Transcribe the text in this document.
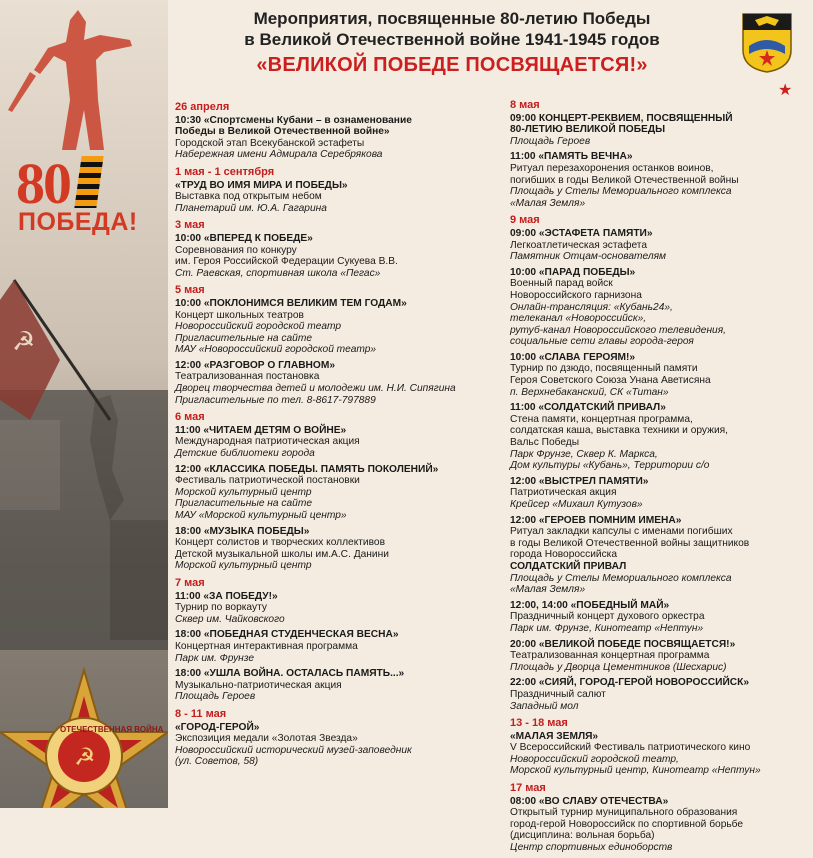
☭
80
ПОБЕДА!
☭
ОТЕЧЕСТВЕННАЯ ВОЙНА
Мероприятия, посвященные 80-летию Победы
в Великой Отечественной войне 1941-1945 годов
«ВЕЛИКОЙ ПОБЕДЕ ПОСВЯЩАЕТСЯ!»
★
26 апреля
10:30 «Спортсмены Кубани – в ознаменование
Победы в Великой Отечественной войне»
Городской этап Всекубанской эстафеты
Набережная имени Адмирала Серебрякова
1 мая - 1 сентября
«ТРУД ВО ИМЯ МИРА И ПОБЕДЫ»
Выставка под открытым небом
Планетарий им. Ю.А. Гагарина
3 мая
10:00 «ВПЕРЕД К ПОБЕДЕ»
Соревнования по конкуру
им. Героя Российской Федерации Сукуева В.В.
Ст. Раевская, спортивная школа «Пегас»
5 мая
10:00 «ПОКЛОНИМСЯ ВЕЛИКИМ ТЕМ ГОДАМ»
Концерт школьных театров
Новороссийский городской театр
Пригласительные на сайте
МАУ «Новороссийский городской театр»
12:00 «РАЗГОВОР О ГЛАВНОМ»
Театрализованная постановка
Дворец творчества детей и молодежи им. Н.И. Сипягина
Пригласительные по тел. 8-8617-797889
6 мая
11:00 «ЧИТАЕМ ДЕТЯМ О ВОЙНЕ»
Международная патриотическая акция
Детские библиотеки города
12:00 «КЛАССИКА ПОБЕДЫ. ПАМЯТЬ ПОКОЛЕНИЙ»
Фестиваль патриотической постановки
Морской культурный центр
Пригласительные на сайте
МАУ «Морской культурный центр»
18:00 «МУЗЫКА ПОБЕДЫ»
Концерт солистов и творческих коллективов
Детской музыкальной школы им.А.С. Данини
Морской культурный центр
7 мая
11:00 «ЗА ПОБЕДУ!»
Турнир по воркауту
Сквер им. Чайковского
18:00 «ПОБЕДНАЯ СТУДЕНЧЕСКАЯ ВЕСНА»
Концертная интерактивная программа
Парк им. Фрунзе
18:00 «УШЛА ВОЙНА. ОСТАЛАСЬ ПАМЯТЬ...»
Музыкально-патриотическая акция
Площадь Героев
8 - 11 мая
«ГОРОД-ГЕРОЙ»
Экспозиция медали «Золотая Звезда»
Новороссийский исторический музей-заповедник
(ул. Советов, 58)
8 мая
09:00 КОНЦЕРТ-РЕКВИЕМ, ПОСВЯЩЕННЫЙ
80-ЛЕТИЮ ВЕЛИКОЙ ПОБЕДЫ
Площадь Героев
11:00 «ПАМЯТЬ ВЕЧНА»
Ритуал перезахоронения останков воинов,
погибших в годы Великой Отечественной войны
Площадь у Стелы Мемориального комплекса
«Малая Земля»
9 мая
09:00 «ЭСТАФЕТА ПАМЯТИ»
Легкоатлетическая эстафета
Памятник Отцам-основателям
10:00 «ПАРАД ПОБЕДЫ»
Военный парад войск
Новороссийского гарнизона
Онлайн-трансляция: «Кубань24»,
телеканал «Новороссийск»,
рутуб-канал Новороссийского телевидения,
социальные сети главы города-героя
10:00 «СЛАВА ГЕРОЯМ!»
Турнир по дзюдо, посвященный памяти
Героя Советского Союза Унана Аветисяна
п. Верхнебаканский, СК «Титан»
11:00 «СОЛДАТСКИЙ ПРИВАЛ»
Стена памяти, концертная программа,
солдатская каша, выставка техники и оружия,
Вальс Победы
Парк Фрунзе, Сквер К. Маркса,
Дом культуры «Кубань», Территории с/о
12:00 «ВЫСТРЕЛ ПАМЯТИ»
Патриотическая акция
Крейсер «Михаил Кутузов»
12:00 «ГЕРОЕВ ПОМНИМ ИМЕНА»
Ритуал закладки капсулы с именами погибших
в годы Великой Отечественной войны защитников
города Новороссийска
СОЛДАТСКИЙ ПРИВАЛ
Площадь у Стелы Мемориального комплекса
«Малая Земля»
12:00, 14:00 «ПОБЕДНЫЙ МАЙ»
Праздничный концерт духового оркестра
Парк им. Фрунзе, Кинотеатр «Нептун»
20:00 «ВЕЛИКОЙ ПОБЕДЕ ПОСВЯЩАЕТСЯ!»
Театрализованная концертная программа
Площадь у Дворца Цементников (Шесхарис)
22:00 «СИЯЙ, ГОРОД-ГЕРОЙ НОВОРОССИЙСК»
Праздничный салют
Западный мол
13 - 18 мая
«МАЛАЯ ЗЕМЛЯ»
V Всероссийский Фестиваль патриотического кино
Новороссийский городской театр,
Морской культурный центр, Кинотеатр «Нептун»
17 мая
08:00 «ВО СЛАВУ ОТЕЧЕСТВА»
Открытый турнир муниципального образования
город-герой Новороссийск по спортивной борьбе
(дисциплина: вольная борьба)
Центр спортивных единоборств
